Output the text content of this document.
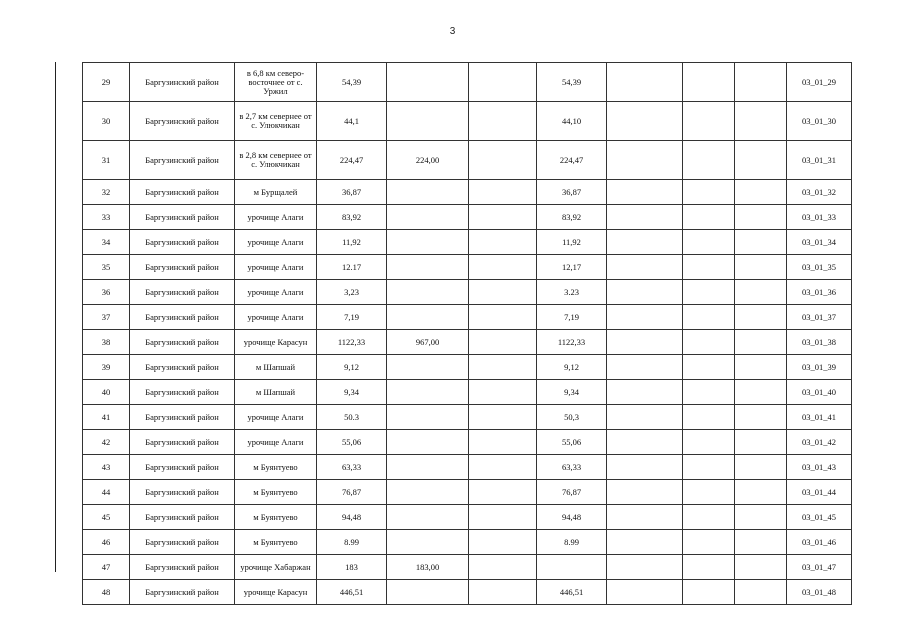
3
29	Баргузинский район	в 6,8 км северо-восточнее от с. Уржил	54,39			54,39				03_01_29
30	Баргузинский район	в 2,7 км севернее от с. Улюкчикан	44,1			44,10				03_01_30
31	Баргузинский район	в 2,8 км севернее от с. Улюкчикан	224,47	224,00		224,47				03_01_31
32	Баргузинский район	м Бурщалей	36,87			36,87				03_01_32
33	Баргузинский район	урочище Алаги	83,92			83,92				03_01_33
34	Баргузинский район	урочище Алаги	11,92			11,92				03_01_34
35	Баргузинский район	урочище Алаги	12.17			12,17				03_01_35
36	Баргузинский район	урочище Алаги	3,23			3.23				03_01_36
37	Баргузинский район	урочище Алаги	7,19			7,19				03_01_37
38	Баргузинский район	урочище Карасун	1122,33	967,00		1122,33				03_01_38
39	Баргузинский район	м Шапшай	9,12			9,12				03_01_39
40	Баргузинский район	м Шапшай	9,34			9,34				03_01_40
41	Баргузинский район	урочище Алаги	50.3			50,3				03_01_41
42	Баргузинский район	урочище Алаги	55,06			55,06				03_01_42
43	Баргузинский район	м Буянтуево	63,33			63,33				03_01_43
44	Баргузинский район	м Буянтуево	76,87			76,87				03_01_44
45	Баргузинский район	м Буянтуево	94,48			94,48				03_01_45
46	Баргузинский район	м Буянтуево	8.99			8.99				03_01_46
47	Баргузинский район	урочище Хабаржан	183	183,00						03_01_47
48	Баргузинский район	урочище Карасун	446,51			446,51				03_01_48
